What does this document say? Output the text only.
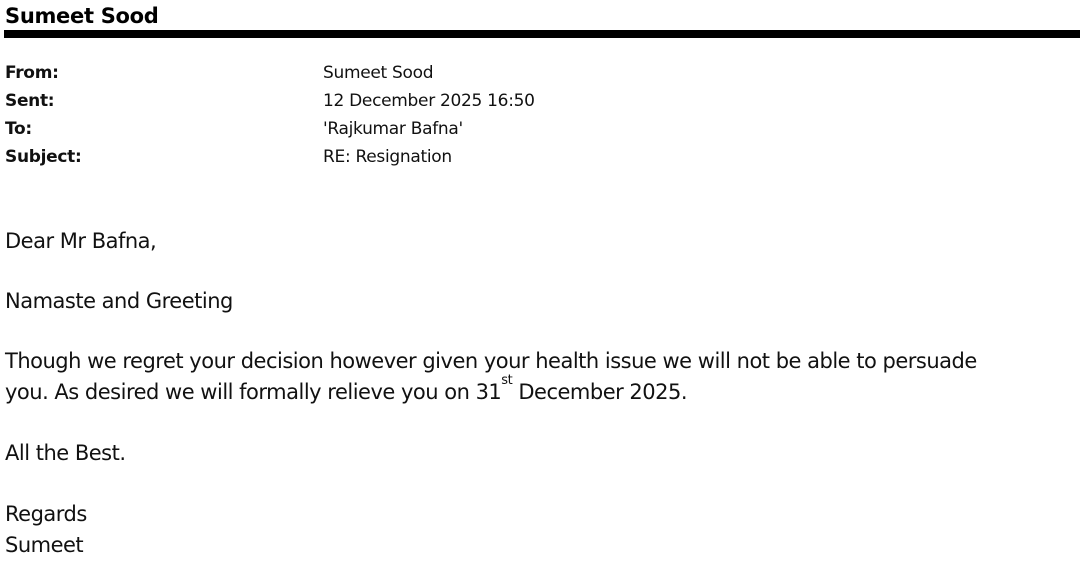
Sumeet Sood
From:	Sumeet Sood
Sent:	12 December 2025 16:50
To:	'Rajkumar Bafna'
Subject:	RE: Resignation
Dear Mr Bafna,
Namaste and Greeting
Though we regret your decision however given your health issue we will not be able to persuade
you. As desired we will formally relieve you on 31st December 2025.
All the Best.
Regards
Sumeet
